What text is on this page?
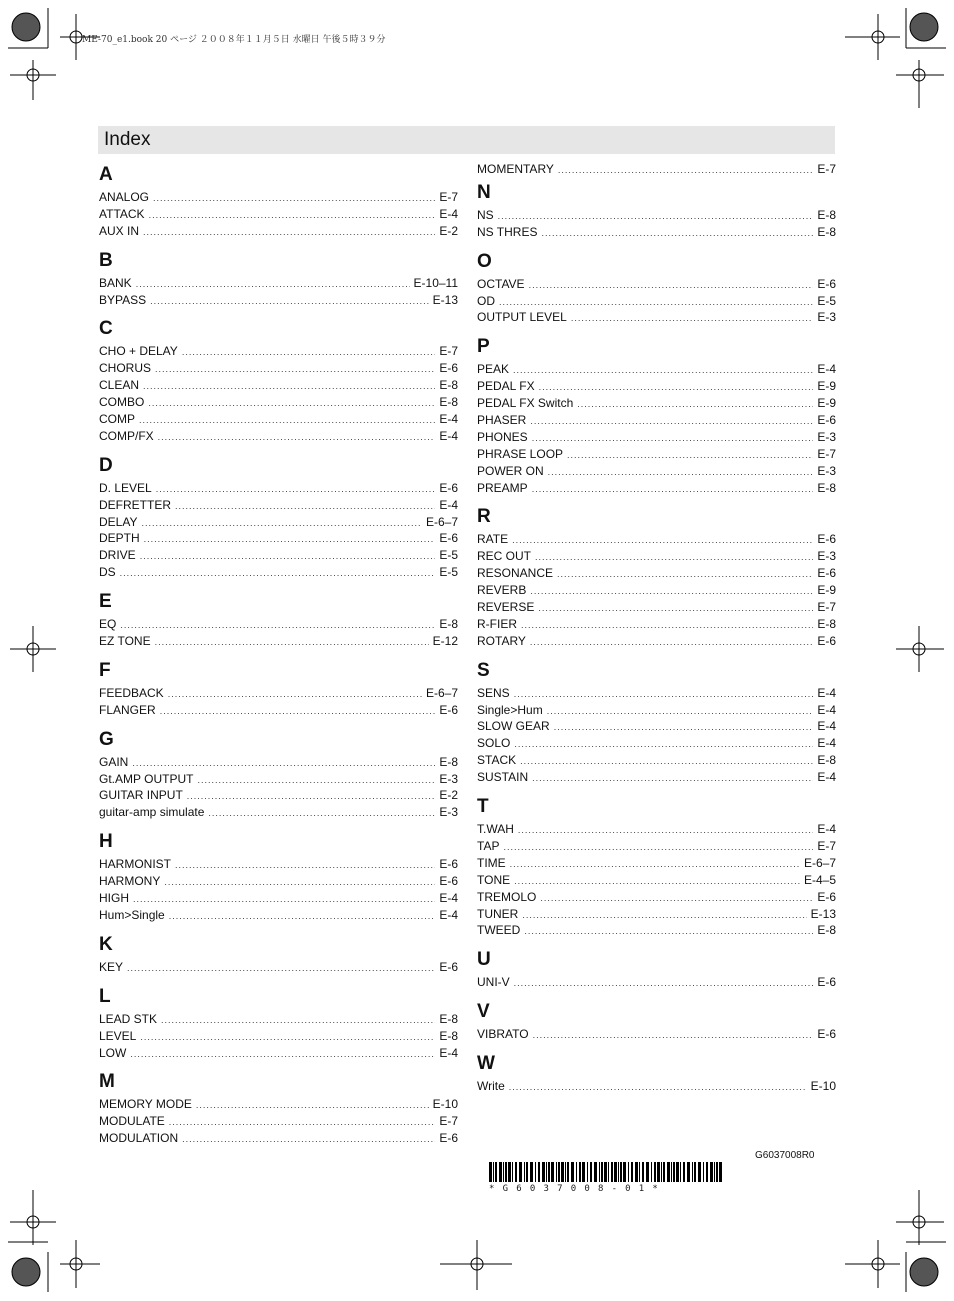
ME-70_e1.book 20 ページ ２００８年１１月５日 水曜日 午後５時３９分
Index
A
ANALOG .....	E-7
ATTACK .....	E-4
AUX IN .....	E-2
B
BANK .....	E-10–11
BYPASS .....	E-13
C
CHO + DELAY .....	E-7
CHORUS .....	E-6
CLEAN .....	E-8
COMBO .....	E-8
COMP .....	E-4
COMP/FX .....	E-4
D
D. LEVEL .....	E-6
DEFRETTER .....	E-4
DELAY .....	E-6–7
DEPTH .....	E-6
DRIVE .....	E-5
DS .....	E-5
E
EQ .....	E-8
EZ TONE .....	E-12
F
FEEDBACK .....	E-6–7
FLANGER .....	E-6
G
GAIN .....	E-8
Gt.AMP OUTPUT .....	E-3
GUITAR INPUT .....	E-2
guitar-amp simulate .....	E-3
H
HARMONIST .....	E-6
HARMONY .....	E-6
HIGH .....	E-4
Hum>Single .....	E-4
K
KEY .....	E-6
L
LEAD STK .....	E-8
LEVEL .....	E-8
LOW .....	E-4
M
MEMORY MODE .....	E-10
MODULATE .....	E-7
MODULATION .....	E-6
MOMENTARY .....	E-7
N
NS .....	E-8
NS THRES .....	E-8
O
OCTAVE .....	E-6
OD .....	E-5
OUTPUT LEVEL .....	E-3
P
PEAK .....	E-4
PEDAL FX .....	E-9
PEDAL FX Switch .....	E-9
PHASER .....	E-6
PHONES .....	E-3
PHRASE LOOP .....	E-7
POWER ON .....	E-3
PREAMP .....	E-8
R
RATE .....	E-6
REC OUT .....	E-3
RESONANCE .....	E-6
REVERB .....	E-9
REVERSE .....	E-7
R-FIER .....	E-8
ROTARY .....	E-6
S
SENS .....	E-4
Single>Hum .....	E-4
SLOW GEAR .....	E-4
SOLO .....	E-4
STACK .....	E-8
SUSTAIN .....	E-4
T
T.WAH .....	E-4
TAP .....	E-7
TIME .....	E-6–7
TONE .....	E-4–5
TREMOLO .....	E-6
TUNER .....	E-13
TWEED .....	E-8
U
UNI-V .....	E-6
V
VIBRATO .....	E-6
W
Write .....	E-10
G6037008R0
*G6037008-01*
